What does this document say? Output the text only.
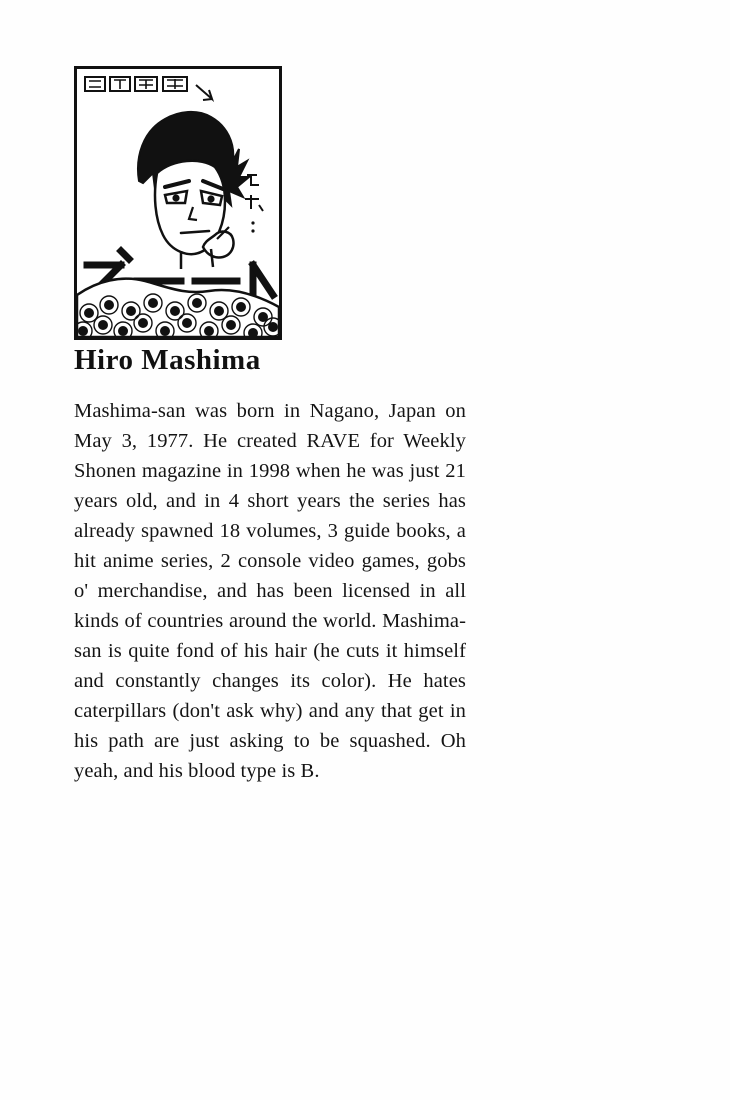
Hiro Mashima

Mashima-san was born in Nagano, Japan on May 3, 1977. He created RAVE for Weekly Shonen magazine in 1998 when he was just 21 years old, and in 4 short years the series has already spawned 18 volumes, 3 guide books, a hit anime series, 2 console video games, gobs o' merchandise, and has been licensed in all kinds of countries around the world. Mashima-san is quite fond of his hair (he cuts it himself and constantly changes its color). He hates caterpillars (don't ask why) and any that get in his path are just asking to be squashed. Oh yeah, and his blood type is B.
